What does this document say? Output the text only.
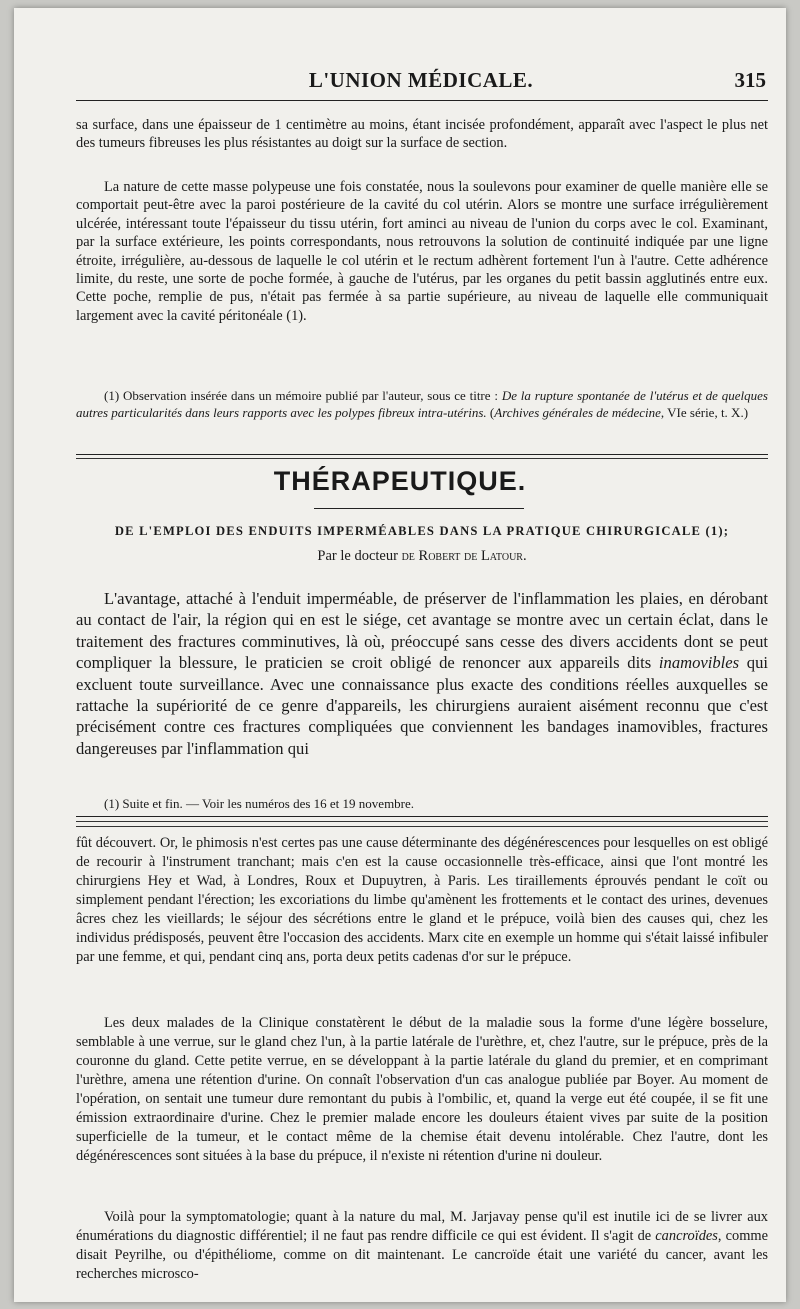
L'UNION MÉDICALE.	315

sa surface, dans une épaisseur de 1 centimètre au moins, étant incisée profondément, apparaît avec l'aspect le plus net des tumeurs fibreuses les plus résistantes au doigt sur la surface de section.

La nature de cette masse polypeuse une fois constatée, nous la soulevons pour examiner de quelle manière elle se comportait peut-être avec la paroi postérieure de la cavité du col utérin. Alors se montre une surface irrégulièrement ulcérée, intéressant toute l'épaisseur du tissu utérin, fort aminci au niveau de l'union du corps avec le col. Examinant, par la surface extérieure, les points correspondants, nous retrouvons la solution de continuité indiquée par une ligne étroite, irrégulière, au-dessous de laquelle le col utérin et le rectum adhèrent fortement l'un à l'autre. Cette adhérence limite, du reste, une sorte de poche formée, à gauche de l'utérus, par les organes du petit bassin agglutinés entre eux. Cette poche, remplie de pus, n'était pas fermée à sa partie supérieure, au niveau de laquelle elle communiquait largement avec la cavité péritonéale (1).

(1) Observation insérée dans un mémoire publié par l'auteur, sous ce titre : De la rupture spontanée de l'utérus et de quelques autres particularités dans leurs rapports avec les polypes fibreux intra-utérins. (Archives générales de médecine, VIe série, t. X.)

THÉRAPEUTIQUE.
DE L'EMPLOI DES ENDUITS IMPERMÉABLES DANS LA PRATIQUE CHIRURGICALE (1);
Par le docteur de Robert de Latour.

L'avantage, attaché à l'enduit imperméable, de préserver de l'inflammation les plaies, en dérobant au contact de l'air, la région qui en est le siége, cet avantage se montre avec un certain éclat, dans le traitement des fractures comminutives, là où, préoccupé sans cesse des divers accidents dont se peut compliquer la blessure, le praticien se croit obligé de renoncer aux appareils dits inamovibles qui excluent toute surveillance. Avec une connaissance plus exacte des conditions réelles auxquelles se rattache la supériorité de ce genre d'appareils, les chirurgiens auraient aisément reconnu que c'est précisément contre ces fractures compliquées que conviennent les bandages inamovibles, fractures dangereuses par l'inflammation qui

(1) Suite et fin. — Voir les numéros des 16 et 19 novembre.

fût découvert. Or, le phimosis n'est certes pas une cause déterminante des dégénérescences pour lesquelles on est obligé de recourir à l'instrument tranchant; mais c'en est la cause occasionnelle très-efficace, ainsi que l'ont montré les chirurgiens Hey et Wad, à Londres, Roux et Dupuytren, à Paris. Les tiraillements éprouvés pendant le coït ou simplement pendant l'érection; les excoriations du limbe qu'amènent les frottements et le contact des urines, devenues âcres chez les vieillards; le séjour des sécrétions entre le gland et le prépuce, voilà bien des causes qui, chez les individus prédisposés, peuvent être l'occasion des accidents. Marx cite en exemple un homme qui s'était laissé infibuler par une femme, et qui, pendant cinq ans, porta deux petits cadenas d'or sur le prépuce.

Les deux malades de la Clinique constatèrent le début de la maladie sous la forme d'une légère bosselure, semblable à une verrue, sur le gland chez l'un, à la partie latérale de l'urèthre, et, chez l'autre, sur le prépuce, près de la couronne du gland. Cette petite verrue, en se développant à la partie latérale du gland du premier, et en comprimant l'urèthre, amena une rétention d'urine. On connaît l'observation d'un cas analogue publiée par Boyer. Au moment de l'opération, on sentait une tumeur dure remontant du pubis à l'ombilic, et, quand la verge eut été coupée, il se fit une émission extraordinaire d'urine. Chez le premier malade encore les douleurs étaient vives par suite de la position superficielle de la tumeur, et le contact même de la chemise était devenu intolérable. Chez l'autre, dont les dégénérescences sont situées à la base du prépuce, il n'existe ni rétention d'urine ni douleur.

Voilà pour la symptomatologie; quant à la nature du mal, M. Jarjavay pense qu'il est inutile ici de se livrer aux énumérations du diagnostic différentiel; il ne faut pas rendre difficile ce qui est évident. Il s'agit de cancroïdes, comme disait Peyrilhe, ou d'épithéliome, comme on dit maintenant. Le cancroïde était une variété du cancer, avant les recherches microsco-
